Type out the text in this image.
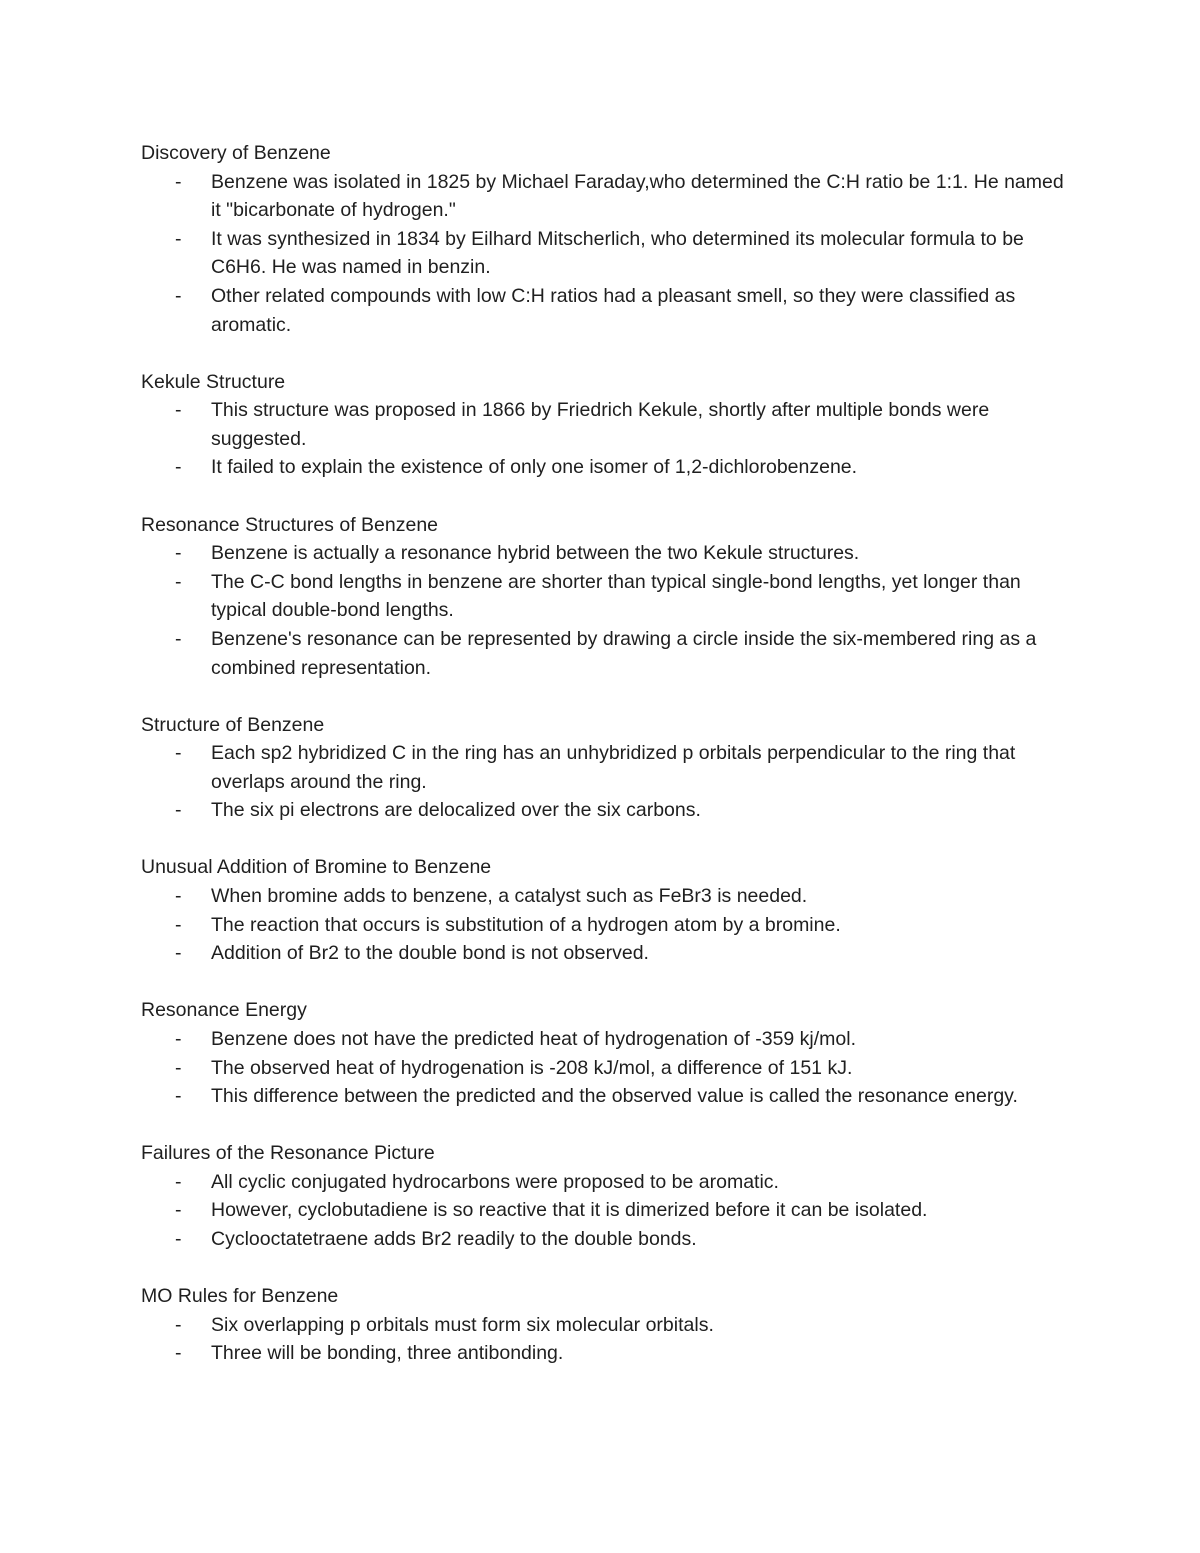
Discovery of Benzene
- Benzene was isolated in 1825 by Michael Faraday,who determined the C:H ratio be 1:1. He named it "bicarbonate of hydrogen."
- It was synthesized in 1834 by Eilhard Mitscherlich, who determined its molecular formula to be C6H6. He was named in benzin.
- Other related compounds with low C:H ratios had a pleasant smell, so they were classified as aromatic.
Kekule Structure
- This structure was proposed in 1866 by Friedrich Kekule, shortly after multiple bonds were suggested.
- It failed to explain the existence of only one isomer of 1,2-dichlorobenzene.
Resonance Structures of Benzene
- Benzene is actually a resonance hybrid between the two Kekule structures.
- The C-C bond lengths in benzene are shorter than typical single-bond lengths, yet longer than typical double-bond lengths.
- Benzene's resonance can be represented by drawing a circle inside the six-membered ring as a combined representation.
Structure of Benzene
- Each sp2 hybridized C in the ring has an unhybridized p orbitals perpendicular to the ring that overlaps around the ring.
- The six pi electrons are delocalized over the six carbons.
Unusual Addition of Bromine to Benzene
- When bromine adds to benzene, a catalyst such as FeBr3 is needed.
- The reaction that occurs is substitution of a hydrogen atom by a bromine.
- Addition of Br2 to the double bond is not observed.
Resonance Energy
- Benzene does not have the predicted heat of hydrogenation of -359 kj/mol.
- The observed heat of hydrogenation is -208 kJ/mol, a difference of 151 kJ.
- This difference between the predicted and the observed value is called the resonance energy.
Failures of the Resonance Picture
- All cyclic conjugated hydrocarbons were proposed to be aromatic.
- However, cyclobutadiene is so reactive that it is dimerized before it can be isolated.
- Cyclooctatetraene adds Br2 readily to the double bonds.
MO Rules for Benzene
- Six overlapping p orbitals must form six molecular orbitals.
- Three will be bonding, three antibonding.
